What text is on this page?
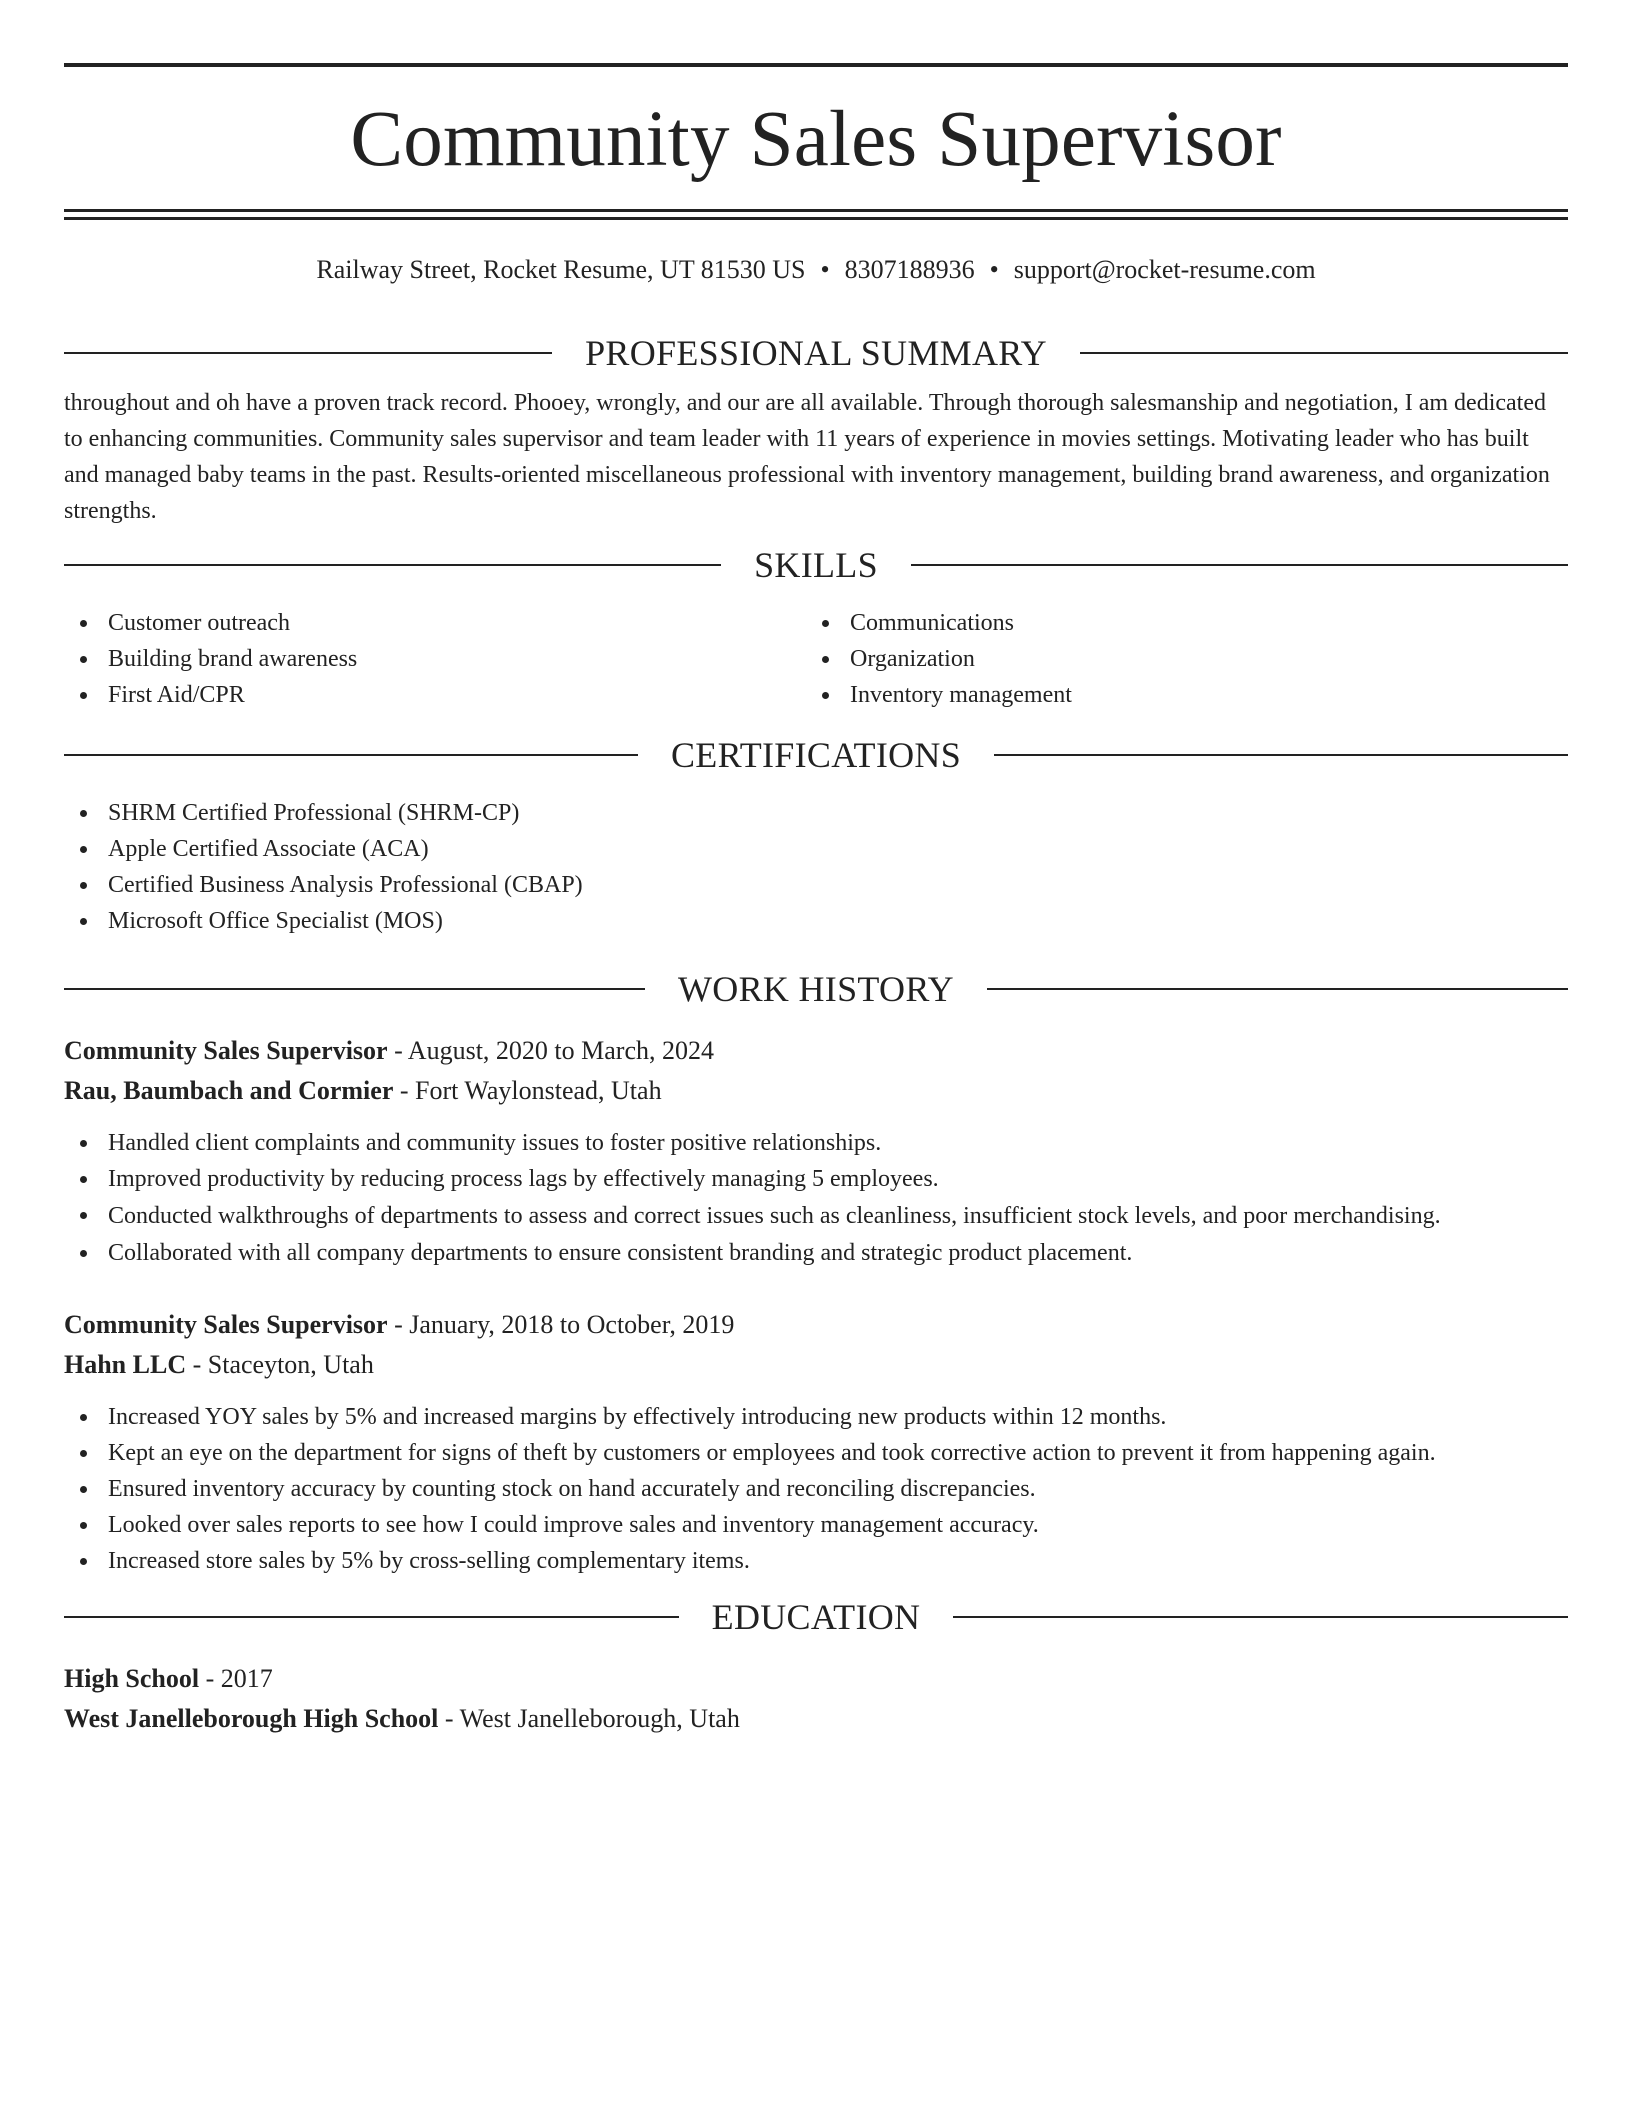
Community Sales Supervisor
Railway Street, Rocket Resume, UT 81530 US • 8307188936 • support@rocket-resume.com
PROFESSIONAL SUMMARY

throughout and oh have a proven track record. Phooey, wrongly, and our are all available. Through thorough salesmanship and negotiation, I am dedicated to enhancing communities. Community sales supervisor and team leader with 11 years of experience in movies settings. Motivating leader who has built and managed baby teams in the past. Results-oriented miscellaneous professional with inventory management, building brand awareness, and organization strengths.

SKILLS
Customer outreach
Building brand awareness
First Aid/CPR
Communications
Organization
Inventory management
CERTIFICATIONS
SHRM Certified Professional (SHRM-CP)
Apple Certified Associate (ACA)
Certified Business Analysis Professional (CBAP)
Microsoft Office Specialist (MOS)
WORK HISTORY
Community Sales Supervisor - August, 2020 to March, 2024
Rau, Baumbach and Cormier - Fort Waylonstead, Utah
Handled client complaints and community issues to foster positive relationships.
Improved productivity by reducing process lags by effectively managing 5 employees.
Conducted walkthroughs of departments to assess and correct issues such as cleanliness, insufficient stock levels, and poor merchandising.
Collaborated with all company departments to ensure consistent branding and strategic product placement.
Community Sales Supervisor - January, 2018 to October, 2019
Hahn LLC - Staceyton, Utah
Increased YOY sales by 5% and increased margins by effectively introducing new products within 12 months.
Kept an eye on the department for signs of theft by customers or employees and took corrective action to prevent it from happening again.
Ensured inventory accuracy by counting stock on hand accurately and reconciling discrepancies.
Looked over sales reports to see how I could improve sales and inventory management accuracy.
Increased store sales by 5% by cross-selling complementary items.
EDUCATION
High School - 2017
West Janelleborough High School - West Janelleborough, Utah
